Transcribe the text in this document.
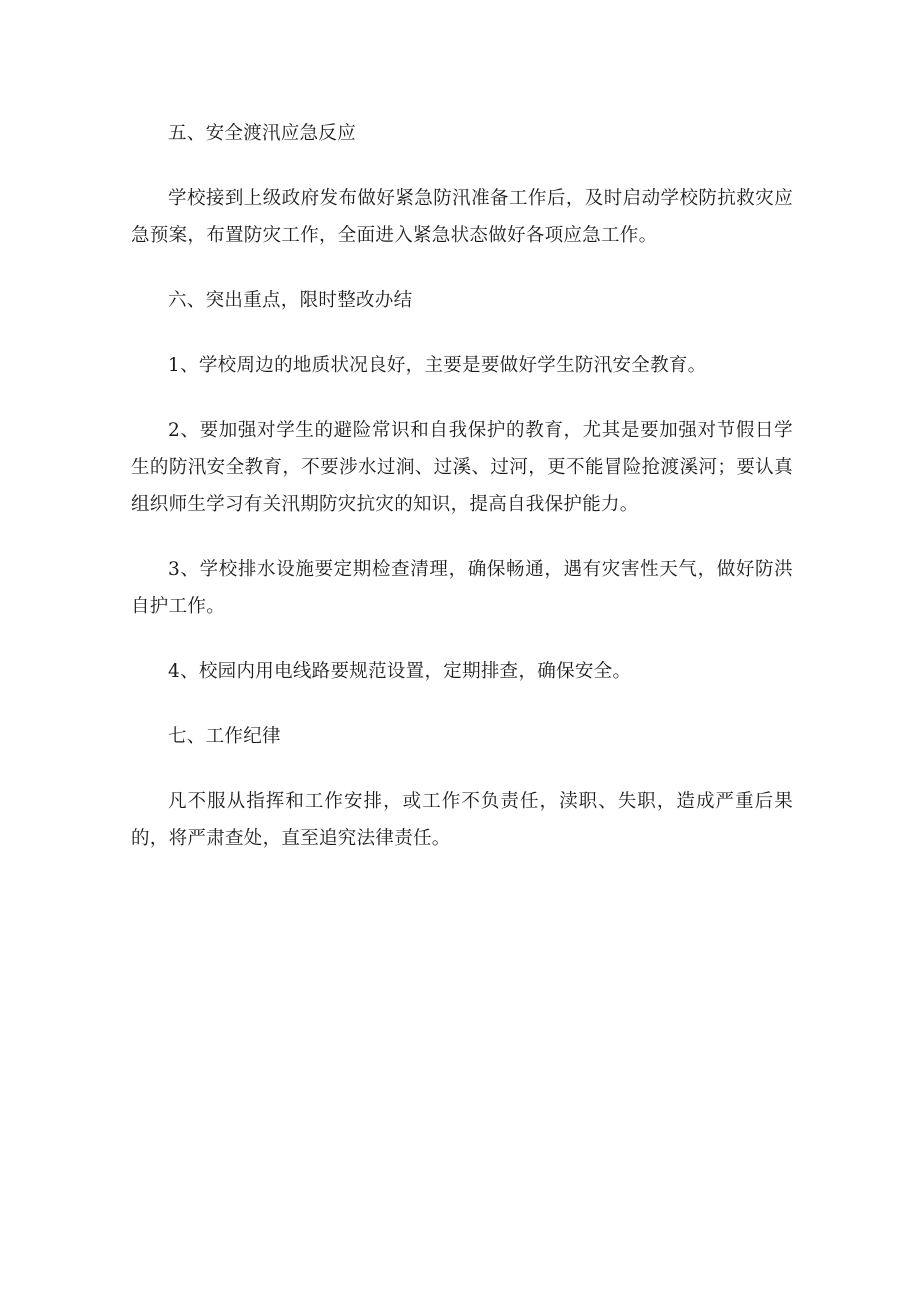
五、安全渡汛应急反应

学校接到上级政府发布做好紧急防汛准备工作后，及时启动学校防抗救灾应急预案，布置防灾工作，全面进入紧急状态做好各项应急工作。

六、突出重点，限时整改办结

1、学校周边的地质状况良好，主要是要做好学生防汛安全教育。

2、要加强对学生的避险常识和自我保护的教育，尤其是要加强对节假日学生的防汛安全教育，不要涉水过涧、过溪、过河，更不能冒险抢渡溪河；要认真组织师生学习有关汛期防灾抗灾的知识，提高自我保护能力。

3、学校排水设施要定期检查清理，确保畅通，遇有灾害性天气，做好防洪自护工作。

4、校园内用电线路要规范设置，定期排查，确保安全。

七、工作纪律

凡不服从指挥和工作安排，或工作不负责任，渎职、失职，造成严重后果的，将严肃查处，直至追究法律责任。
